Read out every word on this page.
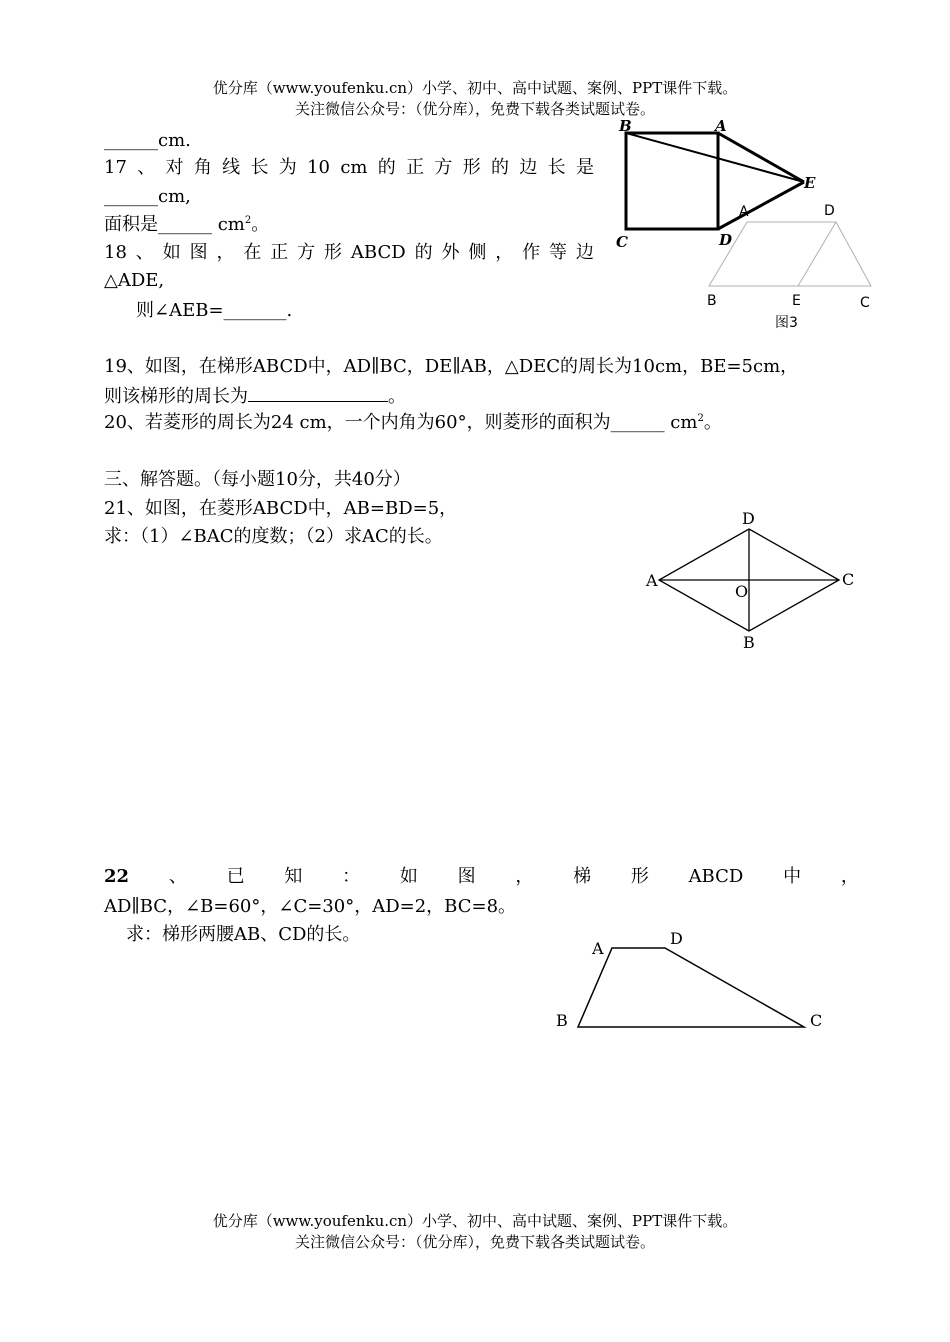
优分库（www.youfenku.cn）小学、初中、高中试题、案例、PPT课件下载。
关注微信公众号：（优分库），免费下载各类试题试卷。
______cm.
17 、 对 角 线 长 为 10 cm 的 正 方 形 的 边 长 是
______cm,
面积是______ $cm^2$。
18 、 如 图 ， 在 正 方 形 ABCD 的 外 侧 ， 作 等 边
△ADE,
则∠AEB=_______.
B	A
E
C	D
A	D
B	E	C
图3
19、如图，在梯形ABCD中，AD∥BC，DE∥AB，△DEC的周长为10cm，BE=5cm，
则该梯形的周长为	。
20、若菱形的周长为24 cm，一个内角为60°，则菱形的面积为______ $cm^2$。
三、解答题。（每小题10分，共40分）
21、如图，在菱形ABCD中，AB=BD=5，
求：（1）∠BAC的度数；（2）求AC的长。
D
A
O
C
B
22 、 已 知 ： 如 图 ， 梯 形 ABCD 中 ，
AD∥BC，∠B=60°，∠C=30°，AD=2，BC=8。
求：梯形两腰AB、CD的长。
A
D
B	C
优分库（www.youfenku.cn）小学、初中、高中试题、案例、PPT课件下载。
关注微信公众号：（优分库），免费下载各类试题试卷。
